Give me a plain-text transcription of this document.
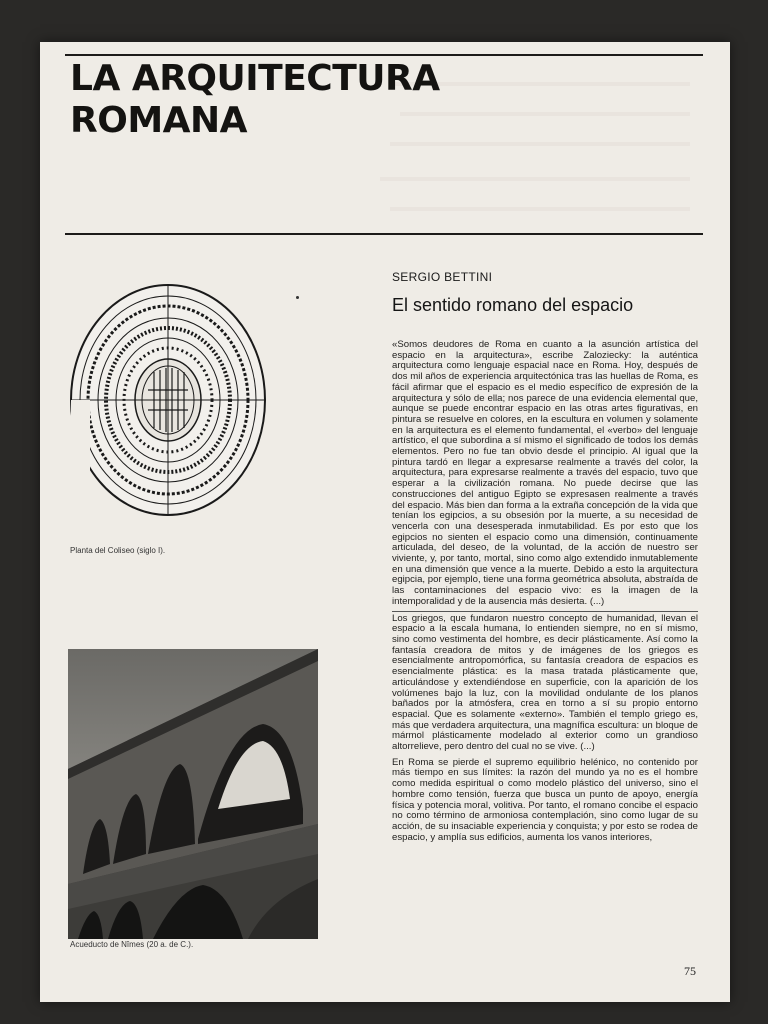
LA ARQUITECTURA
ROMANA
Planta del Coliseo (siglo I).
Acueducto de Nîmes (20 a. de C.).
SERGIO BETTINI
El sentido romano del espacio

«Somos deudores de Roma en cuanto a la asunción artística del espacio en la arquitectura», escribe Zaloziecky: la auténtica arquitectura como lenguaje espacial nace en Roma. Hoy, después de dos mil años de experiencia arquitectónica tras las huellas de Roma, es fácil afirmar que el espacio es el medio específico de expresión de la arquitectura y sólo de ella; nos parece de una evidencia elemental que, aunque se puede encontrar espacio en las otras artes figurativas, en pintura se resuelve en colores, en la escultura en volumen y solamente en la arquitectura es el elemento fundamental, el «verbo» del lenguaje artístico, el que subordina a sí mismo el significado de todos los demás elementos. Pero no fue tan obvio desde el principio. Al igual que la pintura tardó en llegar a expresarse realmente a través del color, la arquitectura, para expresarse realmente a través del espacio, tuvo que esperar a la civilización romana. No puede decirse que las construcciones del antiguo Egipto se expresasen realmente a través del espacio. Más bien dan forma a la extraña concepción de la vida que tenían los egipcios, a su obsesión por la muerte, a su necesidad de vencerla con una desesperada inmutabilidad. Es por esto que los egipcios no sienten el espacio como una dimensión, continuamente articulada, del deseo, de la voluntad, de la acción de nuestro ser viviente, y, por tanto, mortal, sino como algo extendido inmutablemente en una dimensión que vence a la muerte. Debido a esto la arquitectura egipcia, por ejemplo, tiene una forma geométrica absoluta, abstraída de las contaminaciones del espacio vivo: es la imagen de la intemporalidad y de la ausencia más desierta. (...)

Los griegos, que fundaron nuestro concepto de humanidad, llevan el espacio a la escala humana, lo entienden siempre, no en sí mismo, sino como vestimenta del hombre, es decir plásticamente. Así como la fantasía creadora de mitos y de imágenes de los griegos es esencialmente antropomórfica, su fantasía creadora de espacios es esencialmente plástica: es la masa tratada plásticamente que, articulándose y extendiéndose en superficie, con la aparición de los volúmenes bajo la luz, con la movilidad ondulante de los planos bañados por la atmósfera, crea en torno a sí su propio entorno espacial. Que es solamente «externo». También el templo griego es, más que verdadera arquitectura, una magnífica escultura: un bloque de mármol plásticamente modelado al exterior como un grandioso altorrelieve, pero dentro del cual no se vive. (...)

En Roma se pierde el supremo equilibrio helénico, no contenido por más tiempo en sus límites: la razón del mundo ya no es el hombre como medida espiritual o como modelo plástico del universo, sino el hombre como tensión, fuerza que busca un punto de apoyo, energía física y potencia moral, volitiva. Por tanto, el romano concibe el espacio no como término de armoniosa contemplación, sino como lugar de su acción, de su insaciable experiencia y conquista; y por esto se rodea de espacio, y amplía sus edificios, aumenta los vanos interiores,

75
